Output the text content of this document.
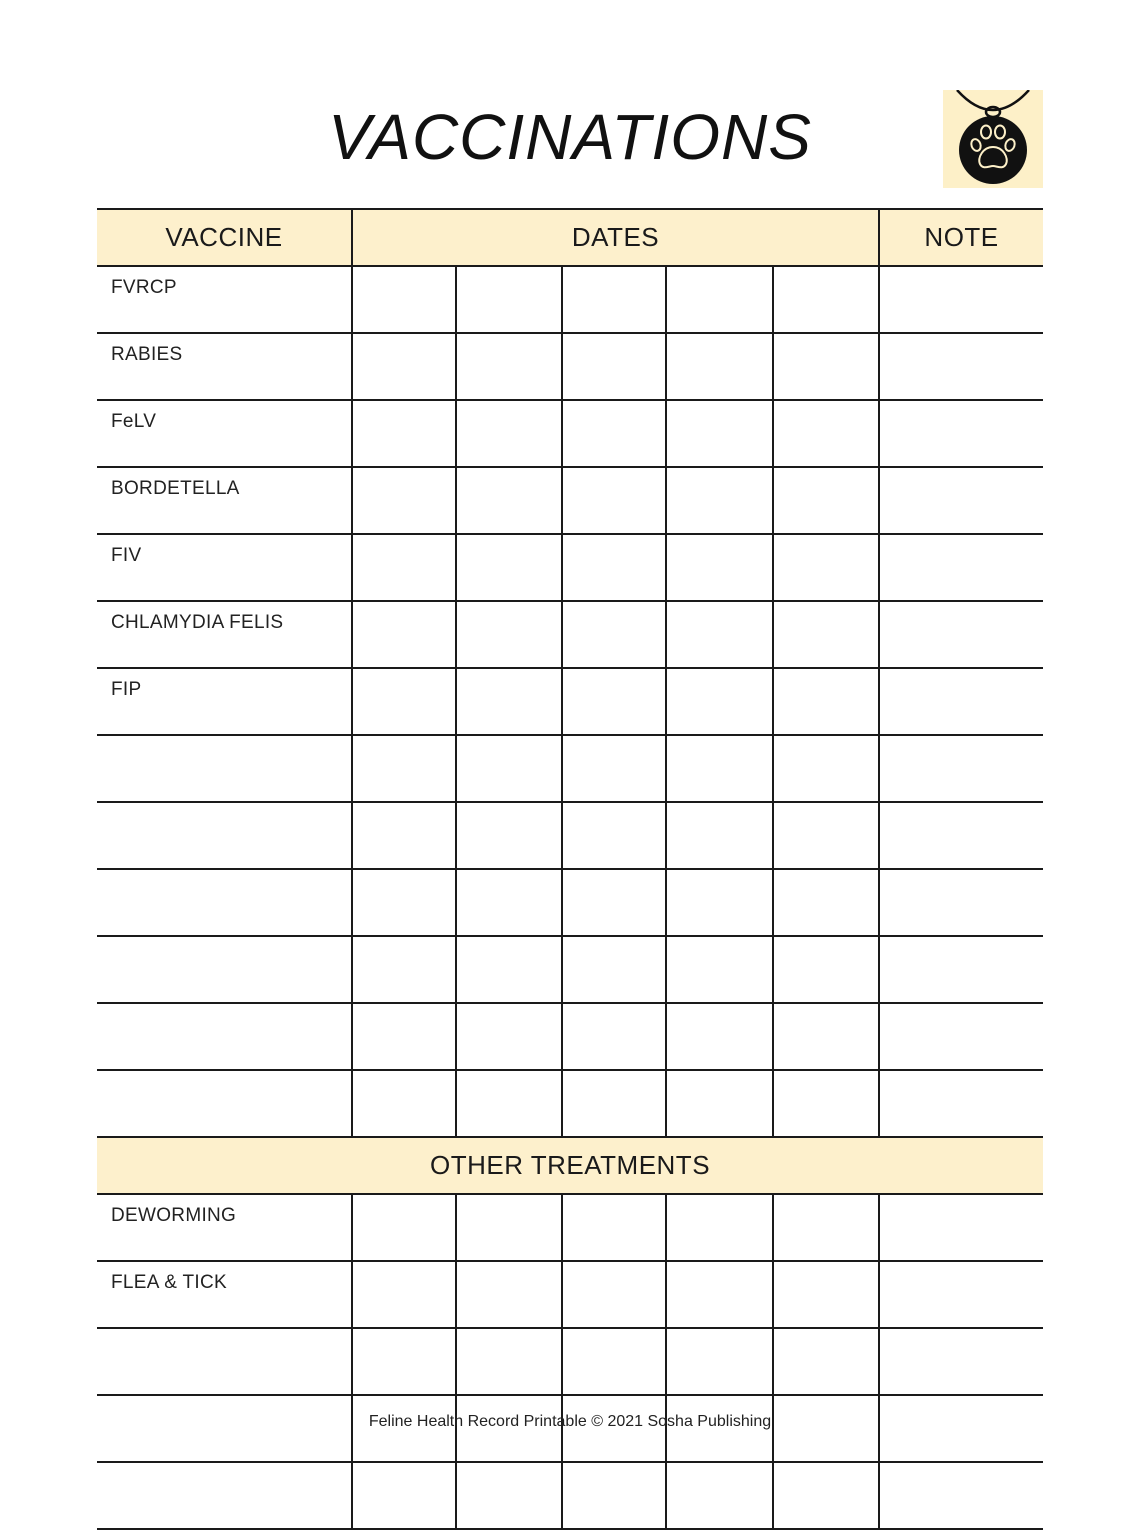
VACCINATIONS
VACCINE	DATES					NOTE
FVRCP						
RABIES						
FeLV						
BORDETELLA						
FIV						
CHLAMYDIA FELIS						
FIP						

OTHER TREATMENTS						
DEWORMING						
FLEA & TICK						

Feline Health Record Printable © 2021 Sosha Publishing
